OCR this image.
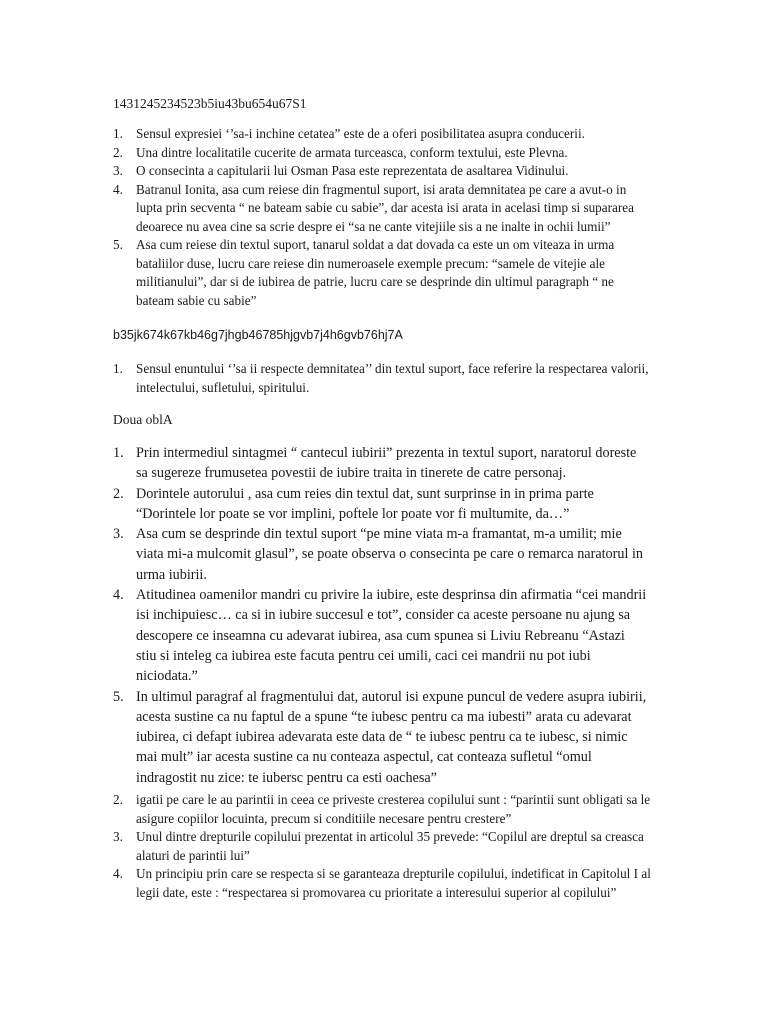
1431245234523b5iu43bu654u67S1
1. Sensul expresiei ‘’sa-i inchine cetatea” este de a oferi posibilitatea asupra conducerii.
2. Una dintre localitatile cucerite de armata turceasca, conform textului, este Plevna.
3. O consecinta a capitularii lui Osman Pasa este reprezentata de asaltarea Vidinului.
4. Batranul Ionita, asa cum reiese din fragmentul suport, isi arata demnitatea pe care a avut-o in
lupta prin secventa “ ne bateam sabie cu sabie”, dar acesta isi arata in acelasi timp si supararea
deoarece nu avea cine sa scrie despre ei “sa ne cante vitejiile sis a ne inalte in ochii lumii”
5. Asa cum reiese din textul suport, tanarul soldat a dat dovada ca este un om viteaza in urma
bataliilor duse, lucru care reiese din numeroasele exemple precum: “samele de vitejie ale
militianului”, dar si de iubirea de patrie, lucru care se desprinde din ultimul paragraph “ ne
bateam sabie cu sabie”
b35jk674k67kb46g7jhgb46785hjgvb7j4h6gvb76hj7A
1. Sensul enuntului ‘’sa ii respecte demnitatea’’ din textul suport, face referire la respectarea valorii,
intelectului, sufletului, spiritului.
Doua oblA
1. Prin intermediul sintagmei “ cantecul iubirii” prezenta in textul suport, naratorul doreste
sa sugereze frumusetea povestii de iubire traita in tinerete de catre personaj.
2. Dorintele autorului , asa cum reies din textul dat, sunt surprinse in in prima parte
“Dorintele lor poate se vor implini, poftele lor poate vor fi multumite, da…”
3. Asa cum se desprinde din textul suport “pe mine viata m-a framantat, m-a umilit; mie
viata mi-a mulcomit glasul”, se poate observa o consecinta pe care o remarca naratorul in
urma iubirii.
4. Atitudinea oamenilor mandri cu privire la iubire, este desprinsa din afirmatia “cei mandrii
isi inchipuiesc… ca si in iubire succesul e tot”, consider ca aceste persoane nu ajung sa
descopere ce inseamna cu adevarat iubirea, asa cum spunea si Liviu Rebreanu “Astazi
stiu si inteleg ca iubirea este facuta pentru cei umili, caci cei mandrii nu pot iubi
niciodata.”
5. In ultimul paragraf al fragmentului dat, autorul isi expune puncul de vedere asupra iubirii,
acesta sustine ca nu faptul de a spune “te iubesc pentru ca ma iubesti” arata cu adevarat
iubirea, ci defapt iubirea adevarata este data de “ te iubesc pentru ca te iubesc, si nimic
mai mult” iar acesta sustine ca nu conteaza aspectul, cat conteaza sufletul “omul
indragostit nu zice: te iubersc pentru ca esti oachesa”
2. igatii pe care le au parintii in ceea ce priveste cresterea copilului sunt : “parintii sunt obligati sa le
asigure copiilor locuinta, precum si conditiile necesare pentru crestere”
3. Unul dintre drepturile copilului prezentat in articolul 35 prevede: “Copilul are dreptul sa creasca
alaturi de parintii lui”
4. Un principiu prin care se respecta si se garanteaza drepturile copilului, indetificat in Capitolul I al
legii date, este : “respectarea si promovarea cu prioritate a interesului superior al copilului”
